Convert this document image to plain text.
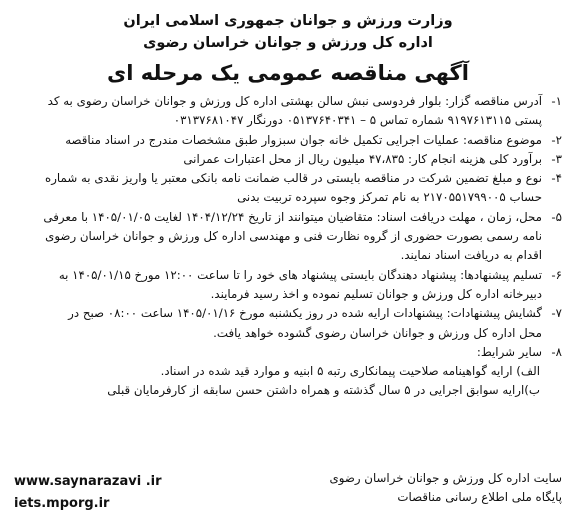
وزارت ورزش و جوانان جمهوری اسلامی ایران
اداره کل ورزش و جوانان خراسان رضوی
آگهی مناقصه عمومی یک مرحله ای
۱-
آدرس مناقصه گزار: بلوار فردوسی نبش سالن بهشتی اداره کل ورزش و جوانان خراسان رضوی به کد
پستی ۹۱۹۷۶۱۳۱۱۵ شماره تماس ۵ – ۰۵۱۳۷۶۴۰۳۴۱ دورنگار ۰۳۱۳۷۶۸۱۰۴۷
۲-
موضوع مناقصه: عملیات اجرایی تکمیل خانه جوان سبزوار طبق مشخصات مندرج در اسناد مناقصه
۳-
برآورد کلی هزینه انجام کار: ۴۷،۸۳۵ میلیون ریال از محل اعتبارات عمرانی
۴-
نوع و مبلغ تضمین شرکت در مناقصه بایستی در قالب ضمانت نامه بانکی معتبر یا واریز نقدی به شماره
حساب ۲۱۷۰۵۵۱۷۹۹۰۰۵ به نام تمرکز وجوه سپرده تربیت بدنی
۵-
محل، زمان ، مهلت دریافت اسناد: متقاضیان میتوانند از تاریخ ۱۴۰۴/۱۲/۲۴ لغایت ۱۴۰۵/۰۱/۰۵ با معرفی
نامه رسمی بصورت حضوری از گروه نظارت فنی و مهندسی اداره کل ورزش و جوانان خراسان رضوی
اقدام به دریافت اسناد نمایند.
۶-
تسلیم پیشنهادها: پیشنهاد دهندگان بایستی پیشنهاد های خود را تا ساعت ۱۲:۰۰ مورخ ۱۴۰۵/۰۱/۱۵ به
دبیرخانه اداره کل ورزش و جوانان تسلیم نموده و اخذ رسید فرمایند.
۷-
گشایش پیشنهادات: پیشنهادات ارایه شده در روز یکشنبه مورخ ۱۴۰۵/۰۱/۱۶ ساعت ۰۸:۰۰ صبح در
محل اداره کل ورزش و جوانان خراسان رضوی گشوده خواهد یافت.
۸-
سایر شرایط:
الف) ارایه گواهینامه صلاحیت پیمانکاری رتبه ۵ ابنیه و موارد قید شده در اسناد.
ب)ارایه سوابق اجرایی در ۵ سال گذشته و همراه داشتن حسن سابقه از کارفرمایان قبلی
سایت اداره کل ورزش و جوانان خراسان رضوی
پایگاه ملی اطلاع رسانی مناقصات
www.saynarazavi .ir
iets.mporg.ir
